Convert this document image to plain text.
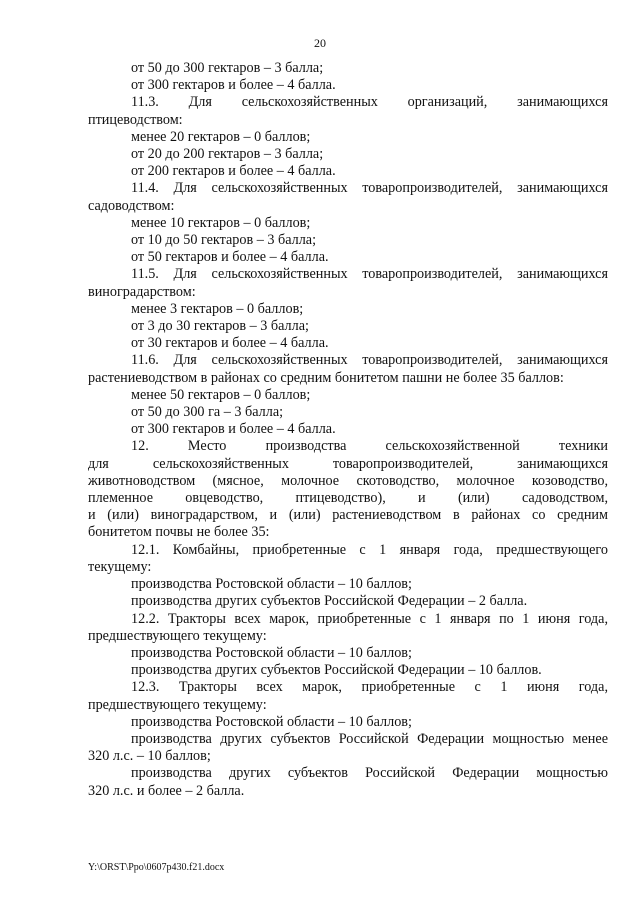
20

от 50 до 300 гектаров – 3 балла;

от 300 гектаров и более – 4 балла.

11.3. Для сельскохозяйственных организаций, занимающихся

птицеводством:

менее 20 гектаров – 0 баллов;

от 20 до 200 гектаров – 3 балла;

от 200 гектаров и более – 4 балла.

11.4. Для сельскохозяйственных товаропроизводителей, занимающихся

садоводством:

менее 10 гектаров – 0 баллов;

от 10 до 50 гектаров – 3 балла;

от 50 гектаров и более – 4 балла.

11.5. Для сельскохозяйственных товаропроизводителей, занимающихся

виноградарством:

менее 3 гектаров – 0 баллов;

от 3 до 30 гектаров – 3 балла;

от 30 гектаров и более – 4 балла.

11.6. Для сельскохозяйственных товаропроизводителей, занимающихся

растениеводством в районах со средним бонитетом пашни не более 35 баллов:

менее 50 гектаров – 0 баллов;

от 50 до 300 га – 3 балла;

от 300 гектаров и более – 4 балла.

12. Место производства сельскохозяйственной техники

для сельскохозяйственных товаропроизводителей, занимающихся

животноводством (мясное, молочное скотоводство, молочное козоводство,

племенное овцеводство, птицеводство), и (или) садоводством,

и (или) виноградарством, и (или) растениеводством в районах со средним

бонитетом почвы не более 35:

12.1. Комбайны, приобретенные с 1 января года, предшествующего

текущему:

производства Ростовской области – 10 баллов;

производства других субъектов Российской Федерации – 2 балла.

12.2. Тракторы всех марок, приобретенные с 1 января по 1 июня года,

предшествующего текущему:

производства Ростовской области – 10 баллов;

производства других субъектов Российской Федерации – 10 баллов.

12.3. Тракторы всех марок, приобретенные с 1 июня года,

предшествующего текущему:

производства Ростовской области – 10 баллов;

производства других субъектов Российской Федерации мощностью менее

320 л.с. – 10 баллов;

производства других субъектов Российской Федерации мощностью

320 л.с. и более – 2 балла.

Y:\ORST\Ppo\0607p430.f21.docx
